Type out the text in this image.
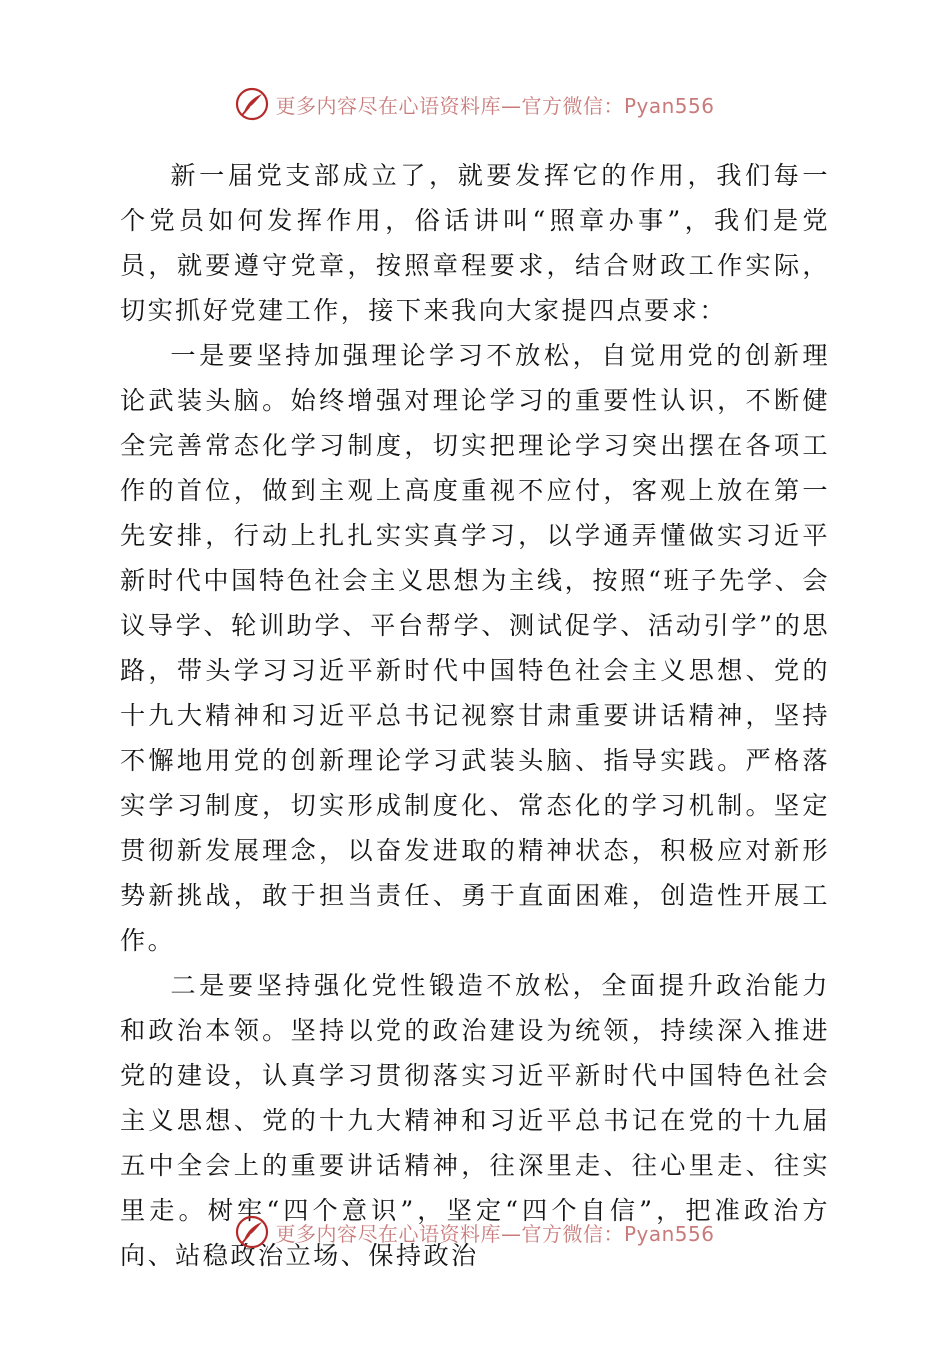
更多内容尽在心语资料库—官方微信：Pyan556

新一届党支部成立了，就要发挥它的作用，我们每一个党员如何发挥作用，俗话讲叫“照章办事”，我们是党员，就要遵守党章，按照章程要求，结合财政工作实际，切实抓好党建工作，接下来我向大家提四点要求：

一是要坚持加强理论学习不放松，自觉用党的创新理论武装头脑。始终增强对理论学习的重要性认识，不断健全完善常态化学习制度，切实把理论学习突出摆在各项工作的首位，做到主观上高度重视不应付，客观上放在第一先安排，行动上扎扎实实真学习，以学通弄懂做实习近平新时代中国特色社会主义思想为主线，按照“班子先学、会议导学、轮训助学、平台帮学、测试促学、活动引学”的思路，带头学习习近平新时代中国特色社会主义思想、党的十九大精神和习近平总书记视察甘肃重要讲话精神，坚持不懈地用党的创新理论学习武装头脑、指导实践。严格落实学习制度，切实形成制度化、常态化的学习机制。坚定贯彻新发展理念，以奋发进取的精神状态，积极应对新形势新挑战，敢于担当责任、勇于直面困难，创造性开展工作。

二是要坚持强化党性锻造不放松，全面提升政治能力和政治本领。坚持以党的政治建设为统领，持续深入推进党的建设，认真学习贯彻落实习近平新时代中国特色社会主义思想、党的十九大精神和习近平总书记在党的十九届五中全会上的重要讲话精神，往深里走、往心里走、往实里走。树牢“四个意识”，坚定“四个自信”，把准政治方向、站稳政治立场、保持政治

更多内容尽在心语资料库—官方微信：Pyan556
